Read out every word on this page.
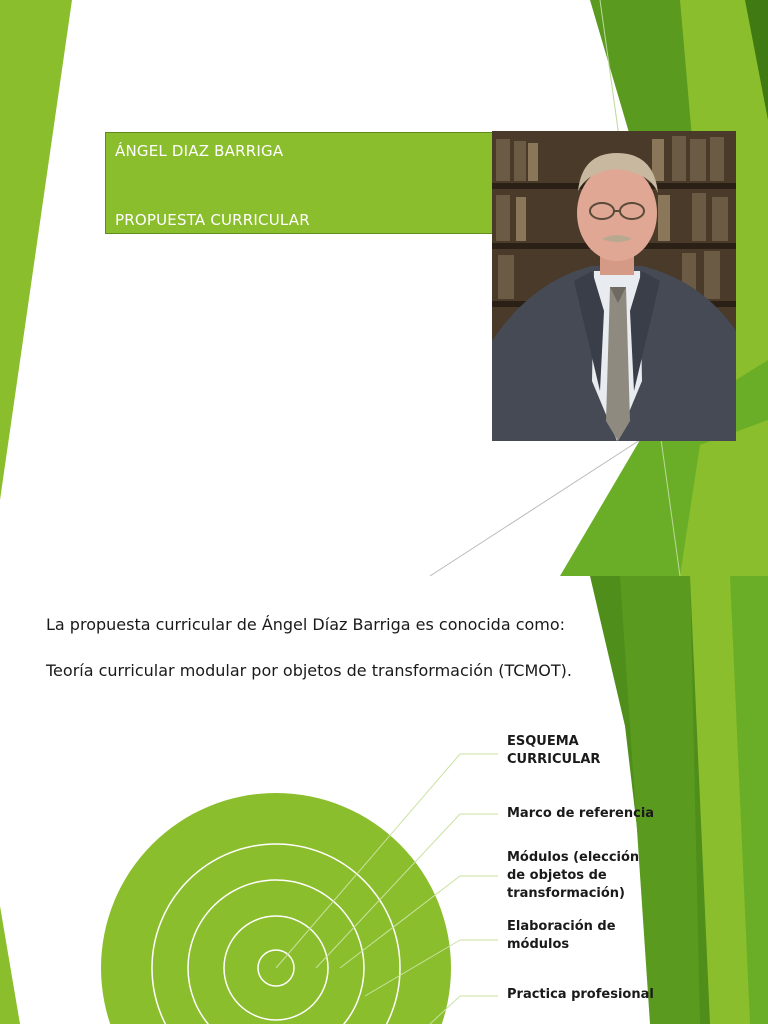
ÁNGEL DIAZ BARRIGA
PROPUESTA CURRICULAR
La propuesta curricular de Ángel Díaz Barriga es conocida como:
Teoría curricular modular por objetos de transformación (TCMOT).
ESQUEMA
CURRICULAR
Marco de referencia
Módulos (elección
de objetos de
transformación)
Elaboración de
módulos
Practica profesional
